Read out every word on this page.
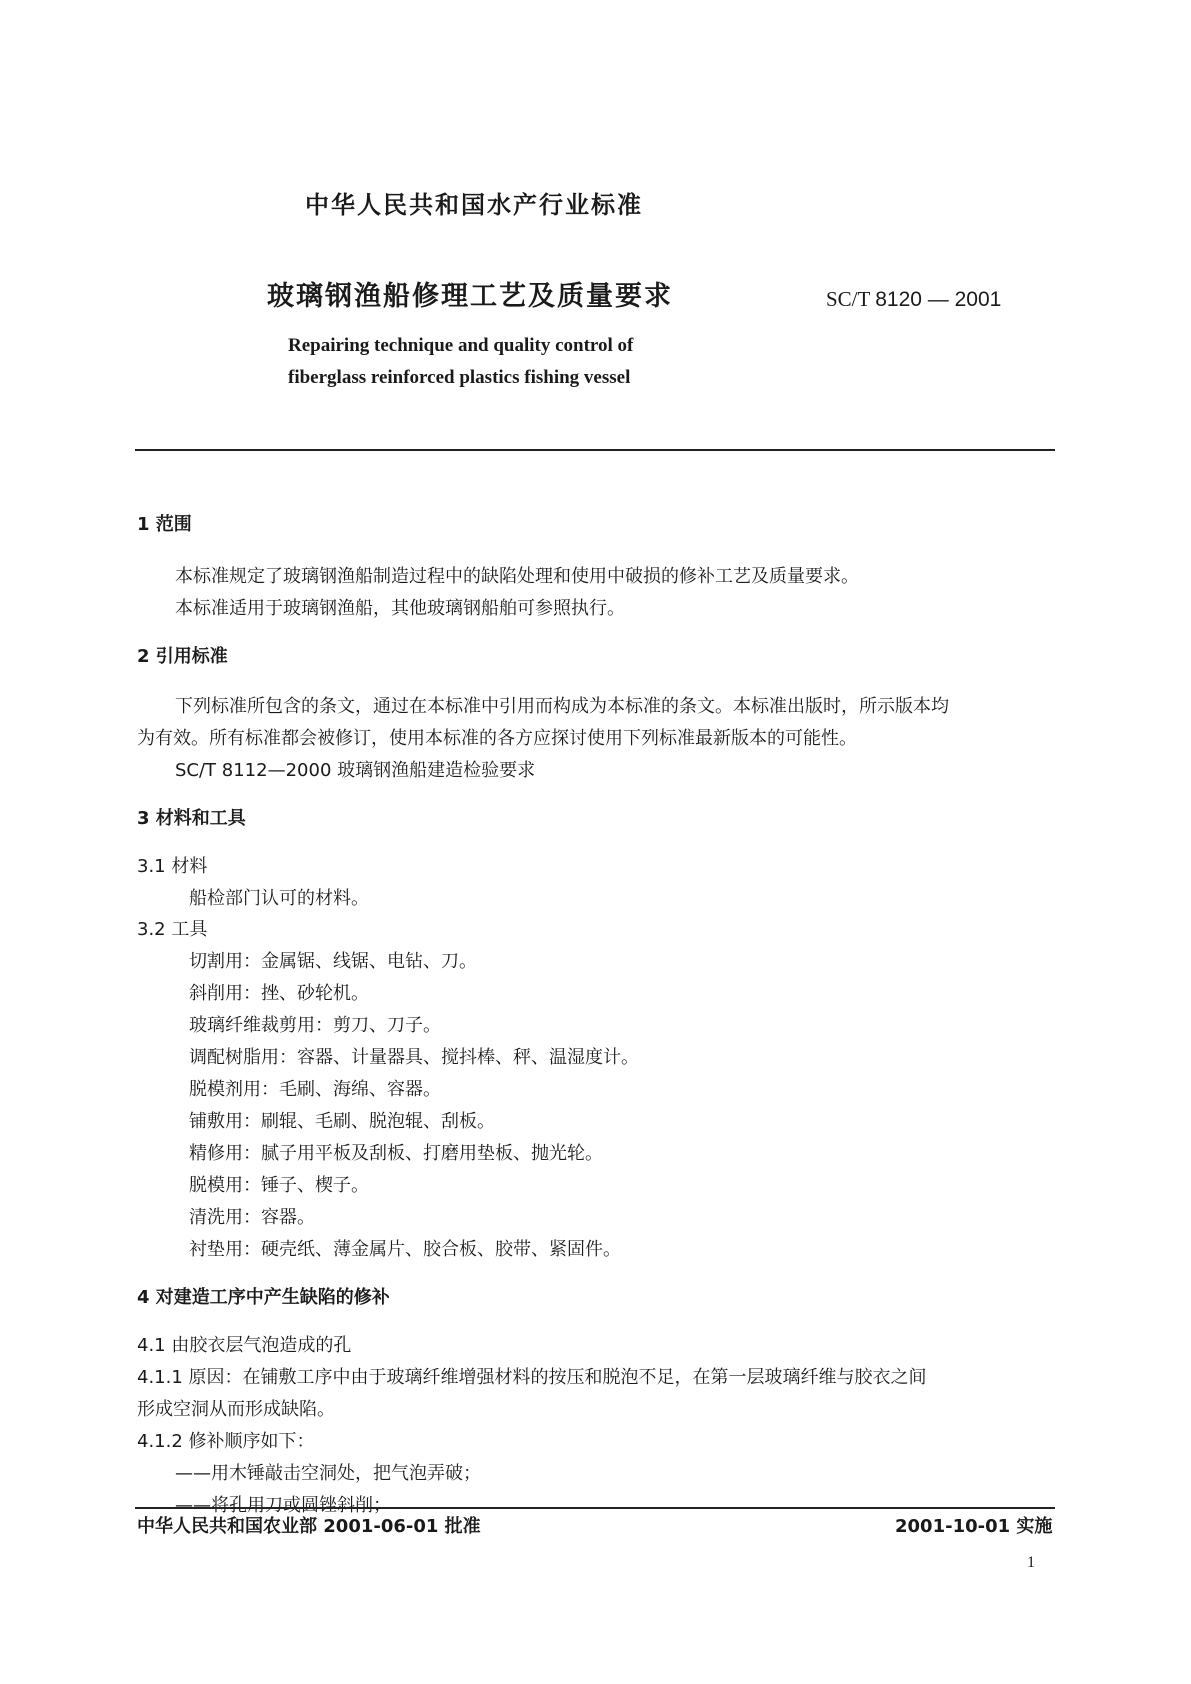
中华人民共和国水产行业标准
玻璃钢渔船修理工艺及质量要求	SC/T 8120 — 2001
Repairing technique and quality control of
fiberglass reinforced plastics fishing vessel
1 范围
本标准规定了玻璃钢渔船制造过程中的缺陷处理和使用中破损的修补工艺及质量要求。
本标准适用于玻璃钢渔船，其他玻璃钢船舶可参照执行。
2 引用标准
下列标准所包含的条文，通过在本标准中引用而构成为本标准的条文。本标准出版时，所示版本均
为有效。所有标准都会被修订，使用本标准的各方应探讨使用下列标准最新版本的可能性。
SC/T 8112—2000 玻璃钢渔船建造检验要求
3 材料和工具
3.1 材料
船检部门认可的材料。
3.2 工具
切割用：金属锯、线锯、电钻、刀。
斜削用：挫、砂轮机。
玻璃纤维裁剪用：剪刀、刀子。
调配树脂用：容器、计量器具、搅抖棒、秤、温湿度计。
脱模剂用：毛刷、海绵、容器。
铺敷用：刷辊、毛刷、脱泡辊、刮板。
精修用：腻子用平板及刮板、打磨用垫板、抛光轮。
脱模用：锤子、楔子。
清洗用：容器。
衬垫用：硬壳纸、薄金属片、胶合板、胶带、紧固件。
4 对建造工序中产生缺陷的修补
4.1 由胶衣层气泡造成的孔
4.1.1 原因：在铺敷工序中由于玻璃纤维增强材料的按压和脱泡不足，在第一层玻璃纤维与胶衣之间
形成空洞从而形成缺陷。
4.1.2 修补顺序如下：
——用木锤敲击空洞处，把气泡弄破；
——将孔用刀或圆锉斜削；
中华人民共和国农业部 2001-06-01 批准	2001-10-01 实施
1
